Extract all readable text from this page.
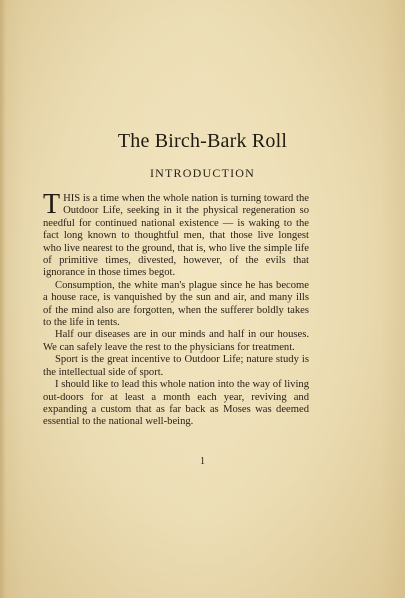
The Birch-Bark Roll
INTRODUCTION

THIS is a time when the whole nation is turning toward the Outdoor Life, seeking in it the physical regeneration so needful for continued national existence — is waking to the fact long known to thoughtful men, that those live longest who live nearest to the ground, that is, who live the simple life of primitive times, divested, however, of the evils that ignorance in those times begot.

Consumption, the white man's plague since he has become a house race, is vanquished by the sun and air, and many ills of the mind also are forgotten, when the sufferer boldly takes to the life in tents.

Half our diseases are in our minds and half in our houses. We can safely leave the rest to the physicians for treatment.

Sport is the great incentive to Outdoor Life; nature study is the intellectual side of sport.

I should like to lead this whole nation into the way of living out-doors for at least a month each year, reviving and expanding a custom that as far back as Moses was deemed essential to the national well-being.

1
